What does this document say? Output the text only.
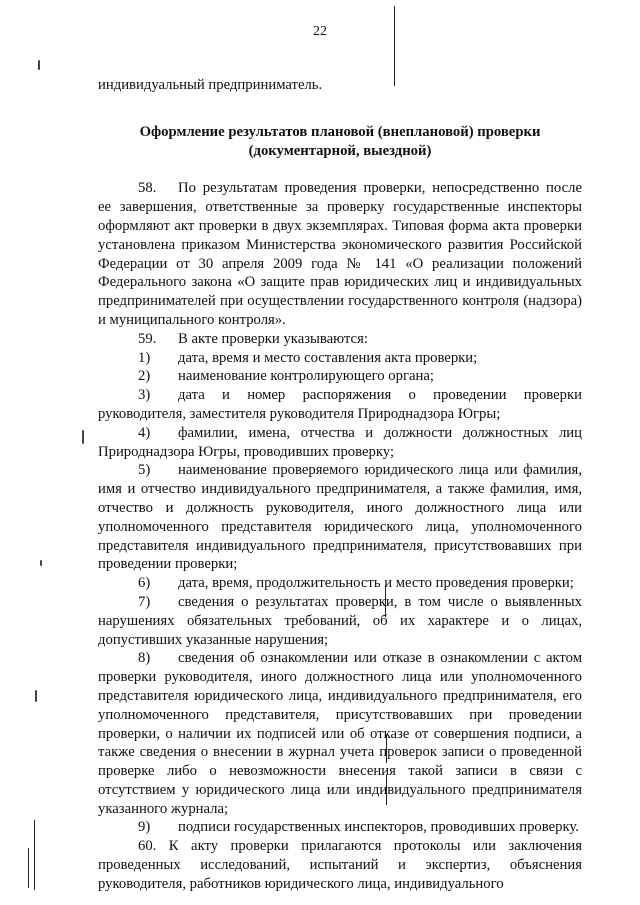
22
индивидуальный предприниматель.
Оформление результатов плановой (внеплановой) проверки
(документарной, выездной)

58. По результатам проведения проверки, непосредственно после ее завершения, ответственные за проверку государственные инспекторы оформляют акт проверки в двух экземплярах. Типовая форма акта проверки установлена приказом Министерства экономического развития Российской Федерации от 30 апреля 2009 года № 141 «О реализации положений Федерального закона «О защите прав юридических лиц и индивидуальных предпринимателей при осуществлении государственного контроля (надзора) и муниципального контроля».

59. В акте проверки указываются:

1) дата, время и место составления акта проверки;

2) наименование контролирующего органа;

3) дата и номер распоряжения о проведении проверки руководителя, заместителя руководителя Природнадзора Югры;

4) фамилии, имена, отчества и должности должностных лиц Природнадзора Югры, проводивших проверку;

5) наименование проверяемого юридического лица или фамилия, имя и отчество индивидуального предпринимателя, а также фамилия, имя, отчество и должность руководителя, иного должностного лица или уполномоченного представителя юридического лица, уполномоченного представителя индивидуального предпринимателя, присутствовавших при проведении проверки;

6) дата, время, продолжительность и место проведения проверки;

7) сведения о результатах проверки, в том числе о выявленных нарушениях обязательных требований, об их характере и о лицах, допустивших указанные нарушения;

8) сведения об ознакомлении или отказе в ознакомлении с актом проверки руководителя, иного должностного лица или уполномоченного представителя юридического лица, индивидуального предпринимателя, его уполномоченного представителя, присутствовавших при проведении проверки, о наличии их подписей или об отказе от совершения подписи, а также сведения о внесении в журнал учета проверок записи о проведенной проверке либо о невозможности внесения такой записи в связи с отсутствием у юридического лица или индивидуального предпринимателя указанного журнала;

9) подписи государственных инспекторов, проводивших проверку.

60. К акту проверки прилагаются протоколы или заключения проведенных исследований, испытаний и экспертиз, объяснения руководителя, работников юридического лица, индивидуального
